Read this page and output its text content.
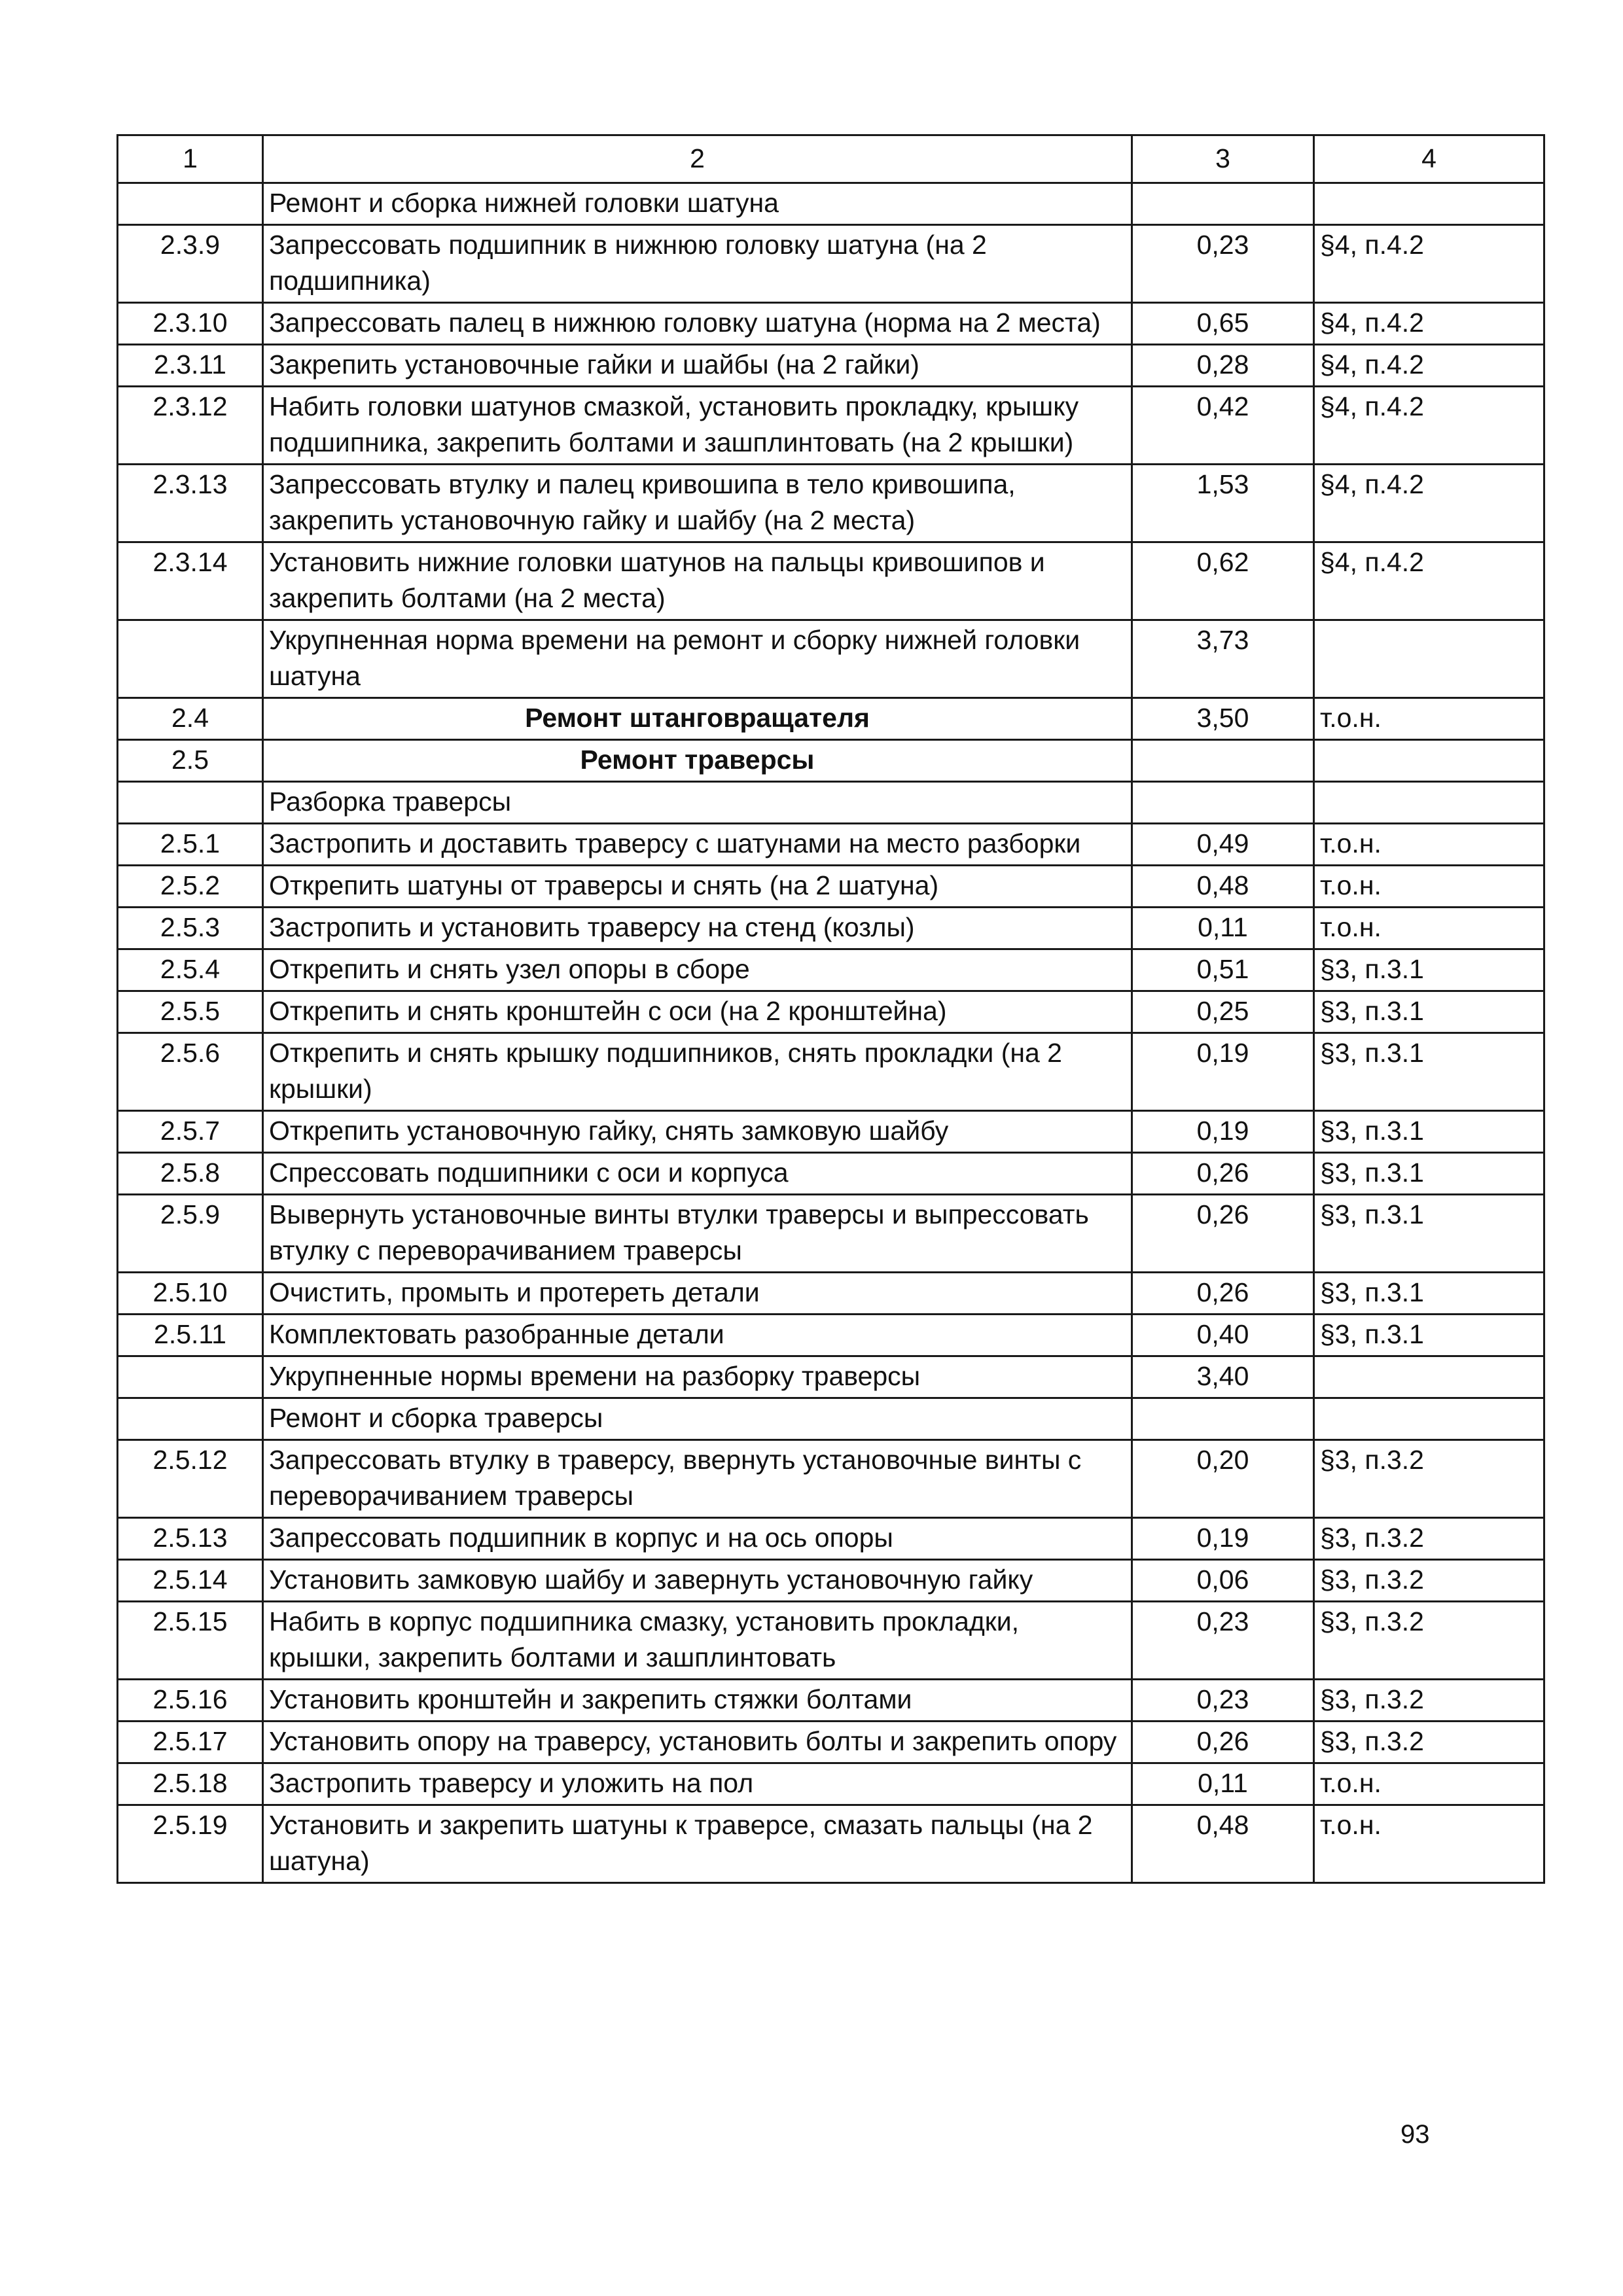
1	2	3	4
	Ремонт и сборка нижней головки шатуна		
2.3.9	Запрессовать подшипник в нижнюю головку шатуна (на 2 подшипника)	0,23	§4, п.4.2
2.3.10	Запрессовать палец в нижнюю головку шатуна (норма на 2 места)	0,65	§4, п.4.2
2.3.11	Закрепить установочные гайки и шайбы (на 2 гайки)	0,28	§4, п.4.2
2.3.12	Набить головки шатунов смазкой, установить прокладку, крышку подшипника, закрепить болтами и зашплинтовать (на 2 крышки)	0,42	§4, п.4.2
2.3.13	Запрессовать втулку и палец кривошипа в тело кривошипа, закрепить установочную гайку и шайбу (на 2 места)	1,53	§4, п.4.2
2.3.14	Установить нижние головки шатунов на пальцы кривошипов и закрепить болтами (на 2 места)	0,62	§4, п.4.2
	Укрупненная норма времени на ремонт и сборку нижней головки шатуна	3,73	
2.4	Ремонт штанговращателя	3,50	т.о.н.
2.5	Ремонт траверсы		
	Разборка траверсы		
2.5.1	Застропить и доставить траверсу с шатунами на место разборки	0,49	т.о.н.
2.5.2	Открепить шатуны от траверсы и снять (на 2 шатуна)	0,48	т.о.н.
2.5.3	Застропить и установить траверсу на стенд (козлы)	0,11	т.о.н.
2.5.4	Открепить и снять узел опоры в сборе	0,51	§3, п.3.1
2.5.5	Открепить и снять кронштейн с оси (на 2 кронштейна)	0,25	§3, п.3.1
2.5.6	Открепить и снять крышку подшипников, снять прокладки (на 2 крышки)	0,19	§3, п.3.1
2.5.7	Открепить установочную гайку, снять замковую шайбу	0,19	§3, п.3.1
2.5.8	Спрессовать подшипники с оси и корпуса	0,26	§3, п.3.1
2.5.9	Вывернуть установочные винты втулки траверсы и выпрессовать втулку с переворачиванием траверсы	0,26	§3, п.3.1
2.5.10	Очистить, промыть и протереть детали	0,26	§3, п.3.1
2.5.11	Комплектовать разобранные детали	0,40	§3, п.3.1
	Укрупненные нормы времени на разборку траверсы	3,40	
	Ремонт и сборка траверсы		
2.5.12	Запрессовать втулку в траверсу, ввернуть установочные винты с переворачиванием траверсы	0,20	§3, п.3.2
2.5.13	Запрессовать подшипник в корпус и на ось опоры	0,19	§3, п.3.2
2.5.14	Установить замковую шайбу и завернуть установочную гайку	0,06	§3, п.3.2
2.5.15	Набить в корпус подшипника смазку, установить прокладки, крышки, закрепить болтами и зашплинтовать	0,23	§3, п.3.2
2.5.16	Установить кронштейн и закрепить стяжки болтами	0,23	§3, п.3.2
2.5.17	Установить опору на траверсу, установить болты и закрепить опору	0,26	§3, п.3.2
2.5.18	Застропить траверсу и уложить на пол	0,11	т.о.н.
2.5.19	Установить и закрепить шатуны к траверсе, смазать пальцы (на 2 шатуна)	0,48	т.о.н.
93
